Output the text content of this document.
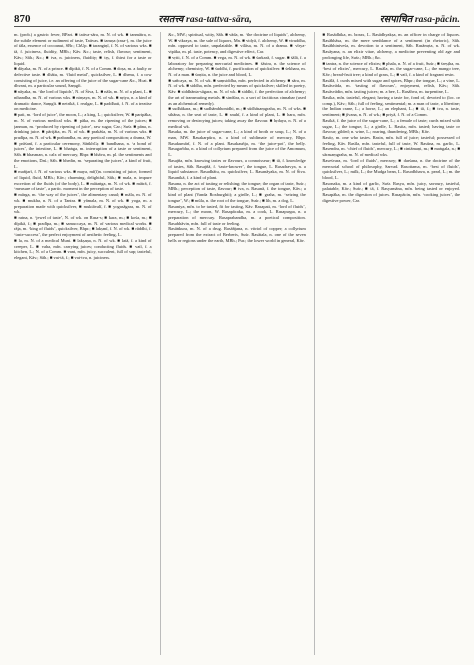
870	रसतत्त्व rasa-tattva-sāra,	रसपाचित rasa-pācin.

m. (prob.) a gastric fever, BPart. ■ tattva-sāra, m. N. of wk. ■ tanmātra, n. the subtle element or rudiment of taste, Tattvas. ■ taruṇa (rasa-), m. the juice of tāla, essence of cocoanut, SBr.; ChUp. ■ tarangiṇī, f. N. of various wks. ■ tā, f. juiciness, fluidity, MBh.; Kāv. &c.; taste, relish, flavour; sentiment, Kāv.; Sāh.; &c.; ■ tva, n. juiciness, fluidity; ■ tṛṣ, f. thirst for a taste or liquid.

■ dāyaka, m. N. of a prince. ■ dīpikā, f. N. of a Comm. ■ doṣa, m. a faulty or defective taste. ■ dhātu, m. ‘fluid metal’, quicksilver, L. ■ dhenu, f. a cow consisting of juice, i.e. an offering of the juice of the sugar-cane &c., Hcat. ■ dhvani, m. a particular sound, Saṃgīt.

■ nāyaka, m. ‘the lord of liquids’, N. of Śiva, L. ■ nāla, m. N. of a plant, L. ■ nibandha, m. N. of various wks. ■ nirṇaya, m. N. of wk. ■ nṛtya, n. a kind of dramatic dance, Saṃgīt. ■ netrikā, f. realgar, L. ■ paddhati, f. N. of a treatise on medicine.

■ pati, m. ‘lord of juice’, the moon, L.; a king, L.; quicksilver, W. ■ paripāka, m. N. of various medical wks. ■ pāka, m. the ripening of the juices; ■ janman, m. ‘produced by ripening of juice’, raw sugar, Car.; Suśr. ■ pāna, n. drinking juice. ■ pārijāta, m. N. of wk. ■ prakāśa, m. N. of various wks. ■ pradīpa, m. N. of wk. ■ prabandha, m. any poetical composition; a drama, W.

■ prāśanī, f. a particular ceremony, SāṅkhGṛ. ■ bandhana, n. ‘a bond of juices’, the intestine, L. ■ bhaṅga, m. interruption of a taste or sentiment, Sāh. ■ bhasman, n. calx of mercury, Bhpr. ■ bhāva, m. pl. the sentiments and the emotions, Daś.; Sāh. ■ bhedin, m. ‘separating the juices’, a kind of fruit, L.

■ mañjarī, f. N. of various wks. ■ maya, mf(ī)n. consisting of juice, formed of liquid, fluid, MBh.; Kāv.; charming, delightful, Sāh.; ■ mala, n. impure excretion of the fluids (of the body), L. ■ mātaṅga, m. N. of wk. ■ mātrā, f. ‘measure of taste’, a partic. moment in the perception of taste.

■ mārga, m. ‘the way of the juices’, the alimentary canal; ■ māla, m. N. of wk. ■ mukha, n. N. of a Tantra. ■ yāmala, m. N. of wk. ■ yoga, m. a preparation made with quicksilver, ■ muktāvalī, f. ■ yogasāgara, m. N. of wk.

■ ratna, n. ‘jewel of taste’, N. of wk. on Rasa-s; ■ kara, m.; ■ kośa, m.; ■ dīpikā, f.; ■ pradīpa, m.; ■ samuccaya, m. N. of various medical works. ■ rāja, m. ‘king of fluids’, quicksilver, Bhpr.; ■ lakṣmī, f. N. of wk. ■ rāddhi, f. ‘taste-success’, the perfect enjoyment of aesthetic feeling, L.

■ la, m. N. of a medical Muni. ■ lakṣaṇa, n. N. of wk. ■ latā, f. a kind of creeper, L. ■ vaha, mfn. carrying juices; conducting fluids. ■ vatī, f. a kitchen, L.; N. of a Comm. ■ vant, mfn. juicy, succulent, full of sap; tasteful, elegant, Kāv.; Sāh.; ■ vat-tā, f.; ■ vat-tva, n. juiciness.

&c., MW.; spiritual, witty, Sāh. ■ vāda, m. ‘the doctrine of liquids’, alchemy, W. ■ vikraya, m. the sale of liquors, Mn. ■ vidyā, f. alchemy, W. ■ viruddha, mfn. opposed to taste, unpalatable. ■ vilāsa, m. N. of a drama. ■ vīrya-vipāka, m. pl. taste, potency, and digestive effect, Car.

■ vṛtti, f. N. of a Comm. ■ vega, m. N. of wk. ■ śarkarā, f. sugar. ■ śālā, f. a laboratory for preparing mercurial medicines. ■ śāstra, n. the science of alchemy; chemistry, W. ■ śuddhi, f. purification of quicksilver. ■ śekhara, m. N. of a man. ■ śoṇita, n. the juice and blood, L.

■ sañcaya, m. N. of wk. ■ saṃsiddha, mfn. perfected in alchemy. ■ sāra, m. N. of wk. ■ siddha, mfn. perfected by means of quicksilver; skilled in poetry, Kāv. ■ siddhānta-sāgara, m. N. of wk. ■ siddhi, f. the perfection of alchemy; the art of transmuting metals. ■ sindūra, n. a sort of factitious cinnabar (used as an alchemical remedy).

■ sudhākara, m.; ■ sudhāmbhonidhi, m.; ■ sūdhāsaṃgraha, m. N. of wks. ■ sthāna, n. the seat of taste, L. ■ snuhī, f. a kind of plant, L. ■ hara, mfn. removing or destroying juices; taking away the flavour. ■ hṛdaya, n. N. of a medical wk.

Rasaka, m. the juice of sugar-cane, L.; a kind of broth or soup, L.; N. of a man, MW. Rasakarpūra, n. a kind of sublimate of mercury, Bhpr. Rasakumārī, f. N. of a plant. Rasakauñja, m. ‘the juice-pot’, the belly. Rasagarbha, n. a kind of collyrium prepared from the juice of the Amomum, L.

Rasajña, mfn. knowing tastes or flavours, a connoisseur; ■ tā, f. knowledge of tastes, Sāh. Rasajñā, f. ‘taste-knower’, the tongue, L. Rasadravya, n. a liquid substance. Rasadhātu, m. quicksilver, L. Rasanāyaka, m. N. of Śiva. Rasanikā, f. a kind of plant.

Rasana, n. the act of tasting or relishing; the tongue; the organ of taste, Suśr.; MBh.; perception of taste, flavour; ■ tva, n. Rasanā, f. the tongue, Kāv.; a kind of plant (Vanda Roxburghii); a girdle, L.; ■ graha, m. ‘seizing the tongue’, W.; ■ mūla, n. the root of the tongue, Suśr.; ■ lih, m. a dog, L.

Rasaniya, mfn. to be tasted, fit for tasting, Kāv. Rasapati, m. ‘lord of fluids’, mercury, L.; the moon, W. Rasapācaka, m. a cook, L. Rasapuṣpa, n. a preparation of mercury. Rasaprabandha, m. a poetical composition. Rasabhāvin, mfn. full of taste or feeling.

Rasāṅkura, m. N. of a drug. Rasāñjana, n. vitriol of copper; a collyrium prepared from the extract of Berberis, Suśr. Rasātala, n. one of the seven hells or regions under the earth, MBh.; Pur.; the lower world in general, Kāv.

■ Rasādhika, m. borax, L. Rasādhyakṣa, m. an officer in charge of liquors. Rasābhāsa, m. the mere semblance of a sentiment (in rhetoric), Sāh. Rasābhiniveśa, m. devotion to a sentiment, Sāh. Rasāmṛta, n. N. of wk. Rasāyana, n. an elixir vitae, alchemy, a medicine preventing old age and prolonging life, Suśr.; MBh.; &c.

■ tantra, n. the science of elixirs; ■ phala, n. N. of a fruit, Suśr.; ■ śreṣṭha, m. ‘best of elixirs’, mercury, L. Rasāla, m. the sugar-cane, L.; the mango tree, Kāv.; bread-fruit tree; a kind of grass, L.; ■ vatī, f. a kind of fragrant resin.

Rasālā, f. curds mixed with sugar and spices, Bhpr.; the tongue, L.; a vine, L. Rasāsvāda, m. ‘tasting of flavours’, enjoyment, relish, Kāv.; Sāh. Rasāsvādin, mfn. tasting juices; m. a bee, L. Rasāhva, m. turpentine, L.

Rasika, mfn. tasteful, elegant; having a taste for, fond of, devoted to (loc. or comp.), Kāv.; Sāh.; full of feeling, sentimental; m. a man of taste, a libertine; the Indian crane, L.; a horse, L.; an elephant, L.; ■ tā, f.; ■ tva, n. taste, sentiment; ■ jīvana, n. N. of wk.; ■ priyā, f. N. of a Comm.

Rasikā, f. the juice of the sugar-cane, L.; a female of taste; curds mixed with sugar, L.; the tongue, L.; a girdle, L. Rasita, mfn. tasted; having taste or flavour; gilded; n. wine, L.; roaring, thundering, MBh.; Kāv.

Rasitṛ, m. one who tastes. Rasin, mfn. full of juice; tasteful; possessed of feeling, Kāv. Rasīla, mfn. tasteful, full of taste, W. Rasūna, m. garlic, L. Rasendra, m. ‘chief of fluids’, mercury, L.; ■ cintāmaṇi, m.; ■ maṅgala, n.; ■ sārasaṃgraha, m. N. of medical wks.

Raseśvara, m. ‘lord of fluids’, mercury; ■ darśana, n. the doctrine of the mercurial school of philosophy, Sarvad. Rasottama, m. ‘best of fluids’, quicksilver, L.; milk, L.; the Mudga bean, L. Rasodbhava, n. pearl, L.; m. the blood, L.

Rasonaka, m. a kind of garlic, Suśr. Rasya, mfn. juicy, savoury, tasteful, palatable, Kāv.; Suśr.; ■ tā, f. Rasyamāna, mfn. being tasted or enjoyed. Rasapāka, m. the digestion of juices. Rasapācin, mfn. ‘cooking juices’, the digestive power, Car.
